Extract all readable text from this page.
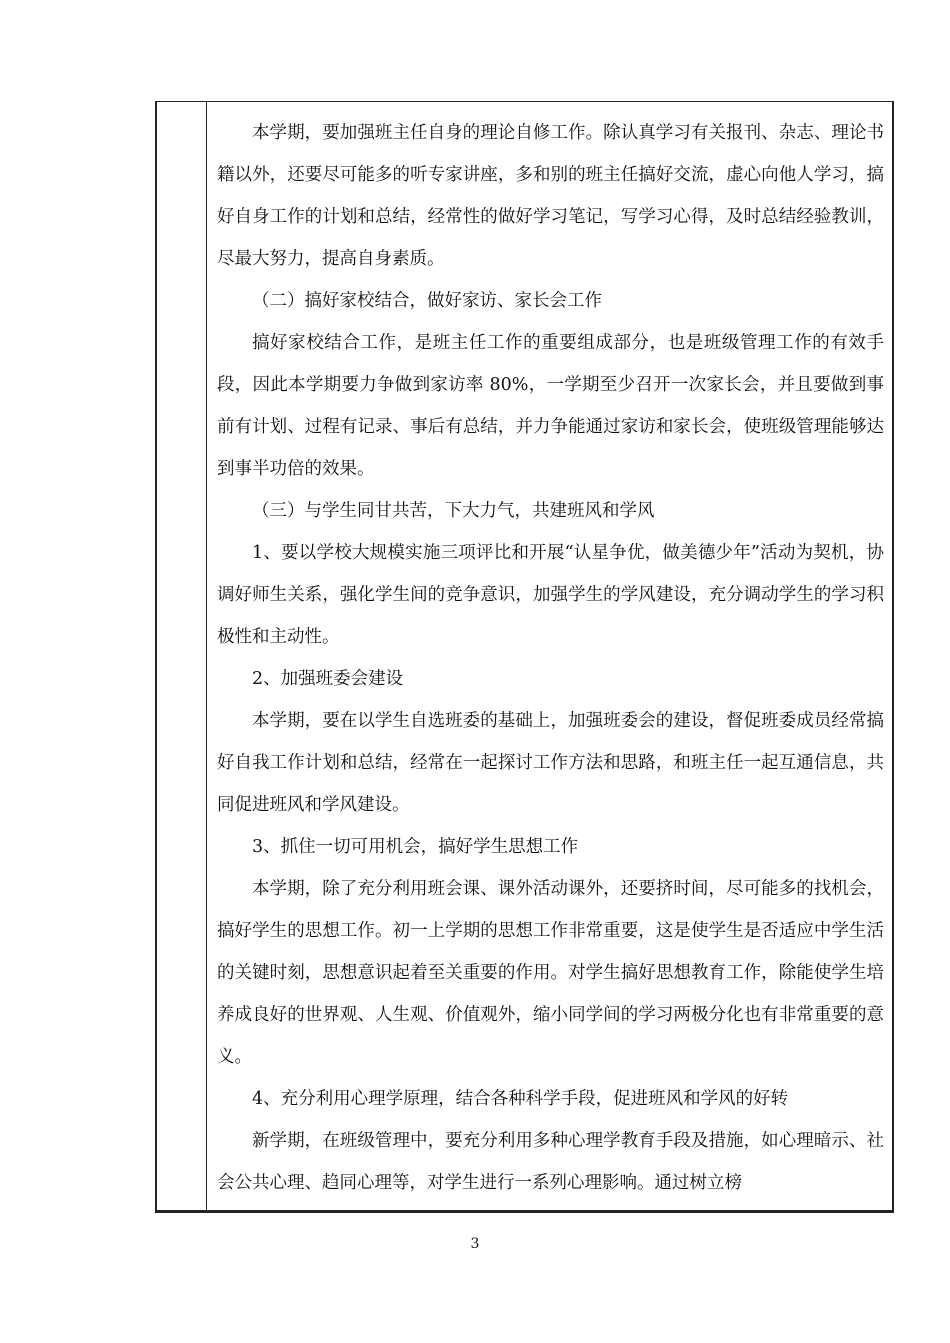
本学期，要加强班主任自身的理论自修工作。除认真学习有关报刊、杂志、理论书籍以外，还要尽可能多的听专家讲座，多和别的班主任搞好交流，虚心向他人学习，搞好自身工作的计划和总结，经常性的做好学习笔记，写学习心得，及时总结经验教训，尽最大努力，提高自身素质。

（二）搞好家校结合，做好家访、家长会工作

搞好家校结合工作，是班主任工作的重要组成部分，也是班级管理工作的有效手段，因此本学期要力争做到家访率 80%，一学期至少召开一次家长会，并且要做到事前有计划、过程有记录、事后有总结，并力争能通过家访和家长会，使班级管理能够达到事半功倍的效果。

（三）与学生同甘共苦，下大力气，共建班风和学风

1、要以学校大规模实施三项评比和开展“认星争优，做美德少年”活动为契机，协调好师生关系，强化学生间的竞争意识，加强学生的学风建设，充分调动学生的学习积极性和主动性。

2、加强班委会建设

本学期，要在以学生自选班委的基础上，加强班委会的建设，督促班委成员经常搞好自我工作计划和总结，经常在一起探讨工作方法和思路，和班主任一起互通信息，共同促进班风和学风建设。

3、抓住一切可用机会，搞好学生思想工作

本学期，除了充分利用班会课、课外活动课外，还要挤时间，尽可能多的找机会，搞好学生的思想工作。初一上学期的思想工作非常重要，这是使学生是否适应中学生活的关键时刻，思想意识起着至关重要的作用。对学生搞好思想教育工作，除能使学生培养成良好的世界观、人生观、价值观外，缩小同学间的学习两极分化也有非常重要的意义。

4、充分利用心理学原理，结合各种科学手段，促进班风和学风的好转

新学期，在班级管理中，要充分利用多种心理学教育手段及措施，如心理暗示、社会公共心理、趋同心理等，对学生进行一系列心理影响。通过树立榜

3
